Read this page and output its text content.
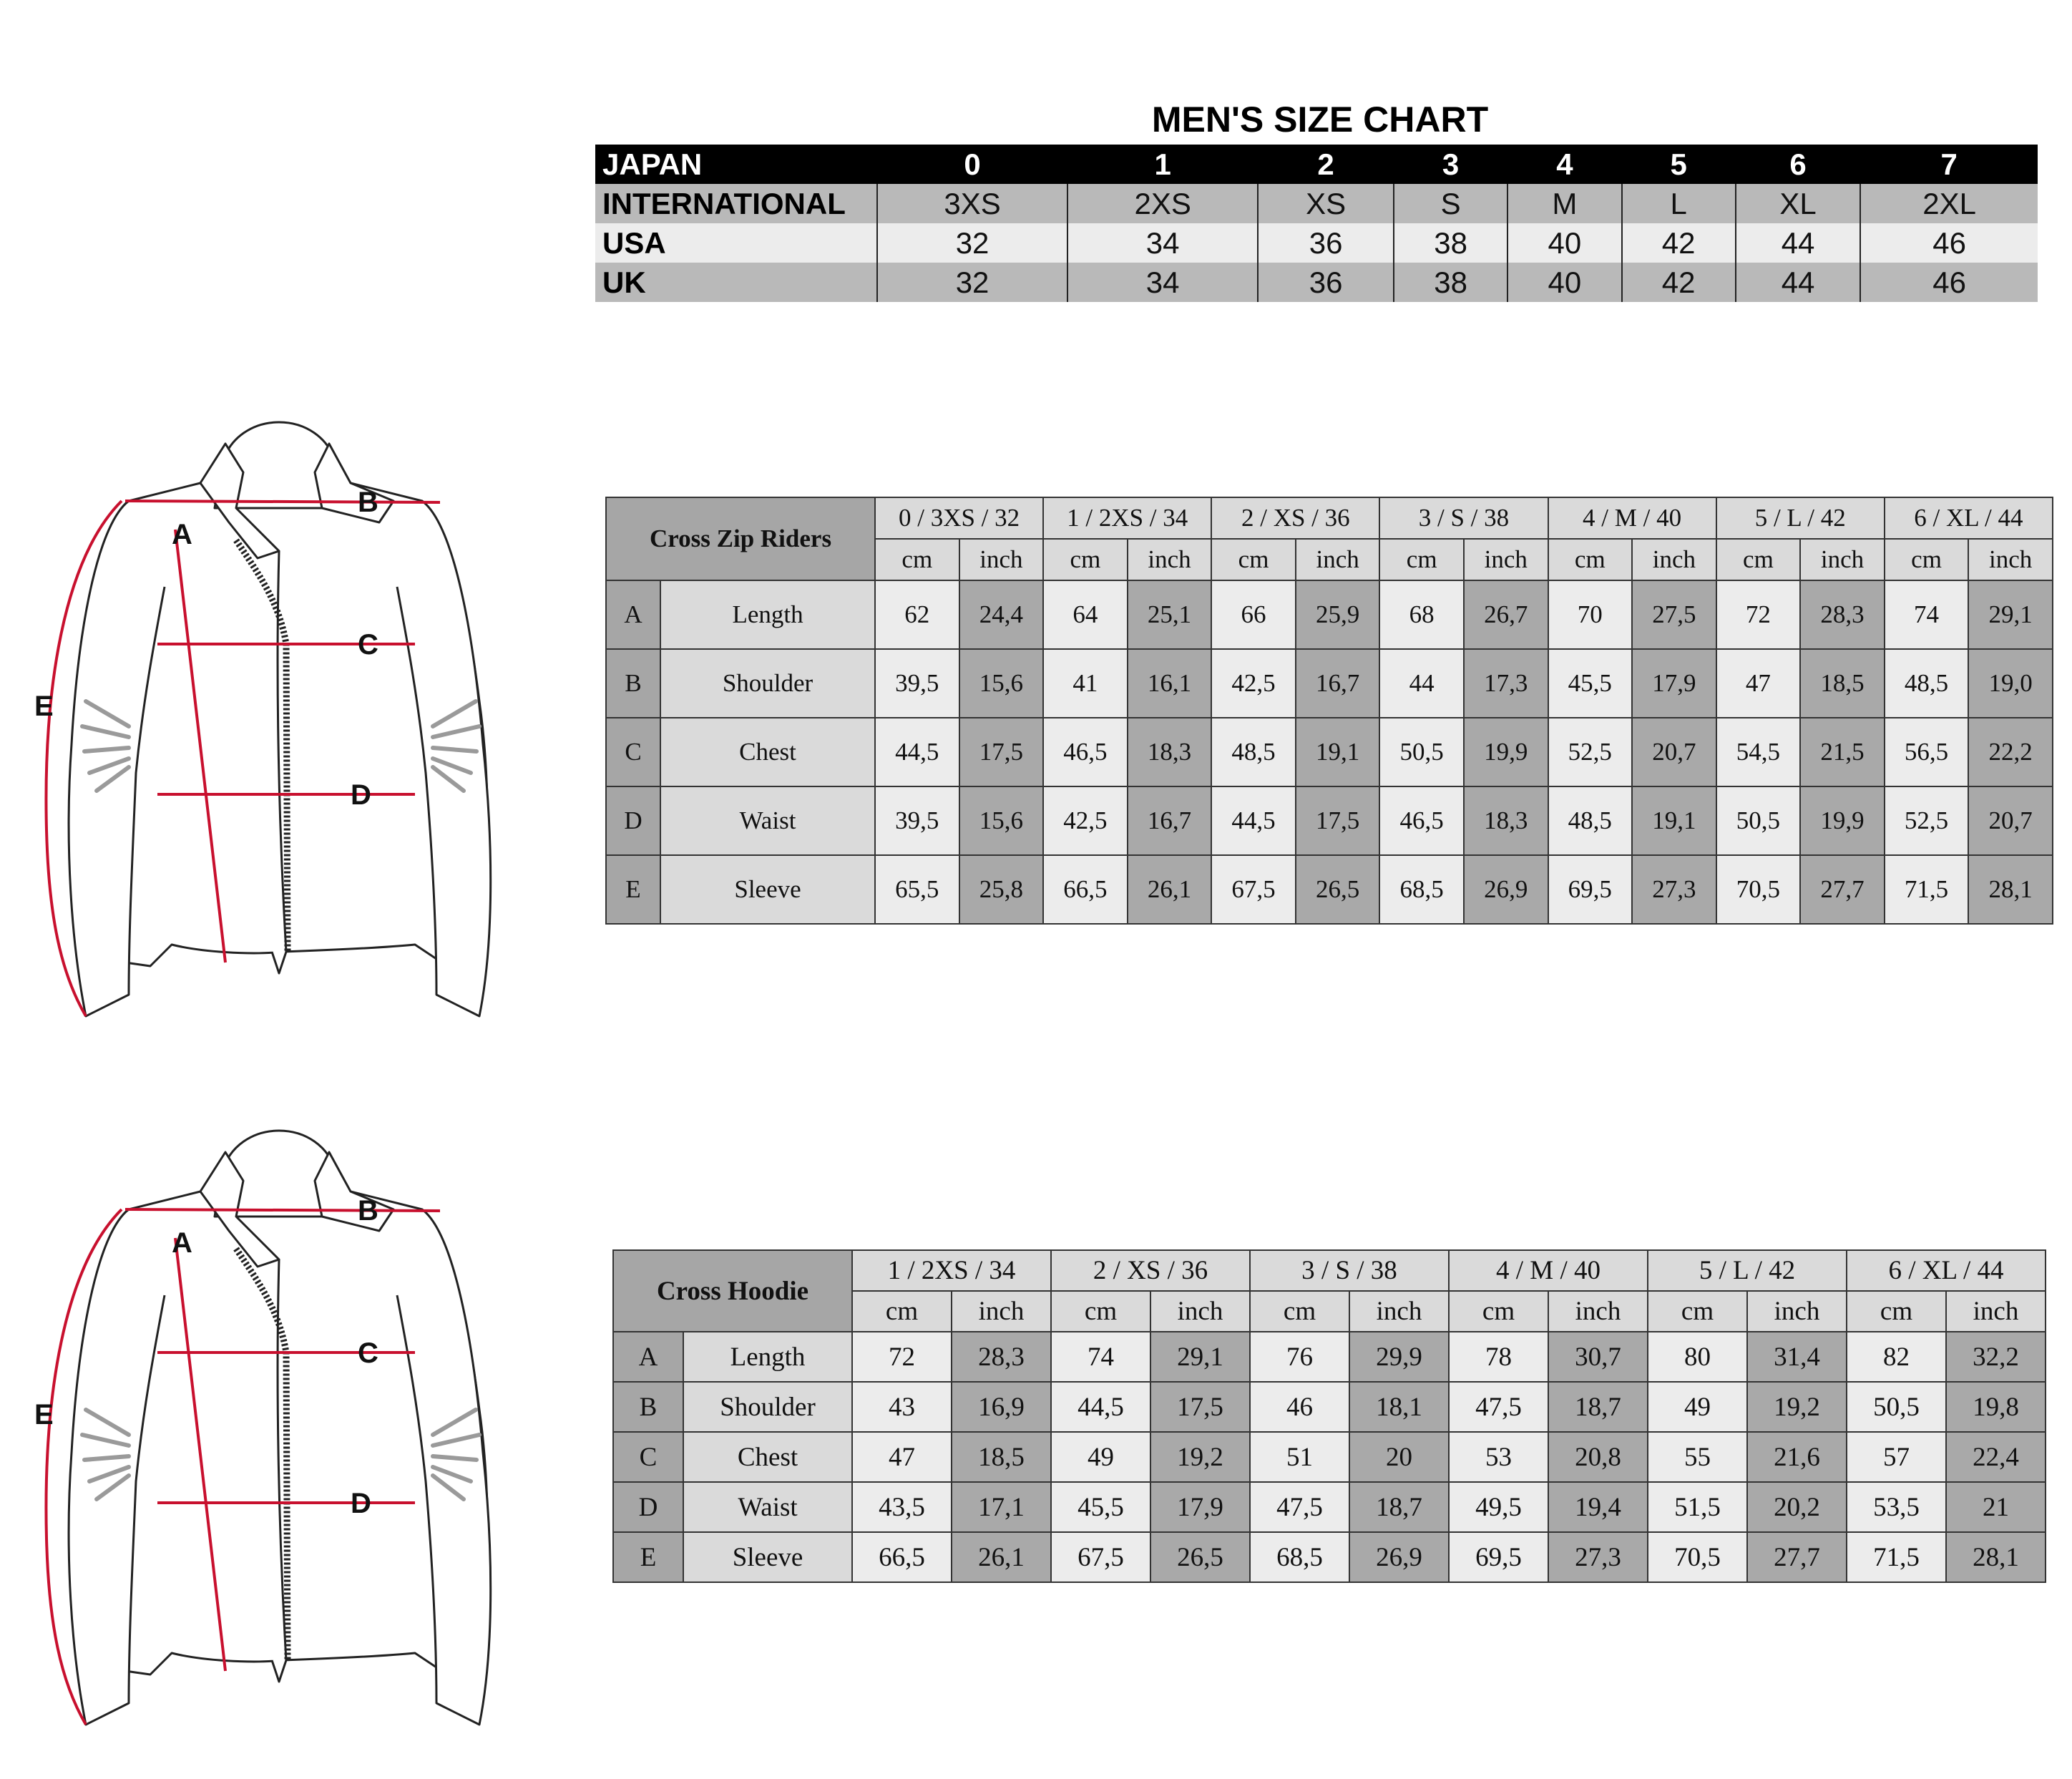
MEN'S SIZE CHART
JAPAN	0	1	2	3	4	5	6	7
INTERNATIONAL	3XS	2XS	XS	S	M	L	XL	2XL
USA	32	34	36	38	40	42	44	46
UK	32	34	36	38	40	42	44	46
A
B
C
D
E
A
B
C
D
E
Cross Zip Riders		0 / 3XS / 32		1 / 2XS / 34		2 / XS / 36		3 / S / 38		4 / M / 40		5 / L / 42		6 / XL / 44	
		cm	inch	cm	inch	cm	inch	cm	inch	cm	inch	cm	inch	cm	inch
A	Length	62	24,4	64	25,1	66	25,9	68	26,7	70	27,5	72	28,3	74	29,1
B	Shoulder	39,5	15,6	41	16,1	42,5	16,7	44	17,3	45,5	17,9	47	18,5	48,5	19,0
C	Chest	44,5	17,5	46,5	18,3	48,5	19,1	50,5	19,9	52,5	20,7	54,5	21,5	56,5	22,2
D	Waist	39,5	15,6	42,5	16,7	44,5	17,5	46,5	18,3	48,5	19,1	50,5	19,9	52,5	20,7
E	Sleeve	65,5	25,8	66,5	26,1	67,5	26,5	68,5	26,9	69,5	27,3	70,5	27,7	71,5	28,1
Cross Hoodie		1 / 2XS / 34		2 / XS / 36		3 / S / 38		4 / M / 40		5 / L / 42		6 / XL / 44	
		cm	inch	cm	inch	cm	inch	cm	inch	cm	inch	cm	inch
A	Length	72	28,3	74	29,1	76	29,9	78	30,7	80	31,4	82	32,2
B	Shoulder	43	16,9	44,5	17,5	46	18,1	47,5	18,7	49	19,2	50,5	19,8
C	Chest	47	18,5	49	19,2	51	20	53	20,8	55	21,6	57	22,4
D	Waist	43,5	17,1	45,5	17,9	47,5	18,7	49,5	19,4	51,5	20,2	53,5	21
E	Sleeve	66,5	26,1	67,5	26,5	68,5	26,9	69,5	27,3	70,5	27,7	71,5	28,1
